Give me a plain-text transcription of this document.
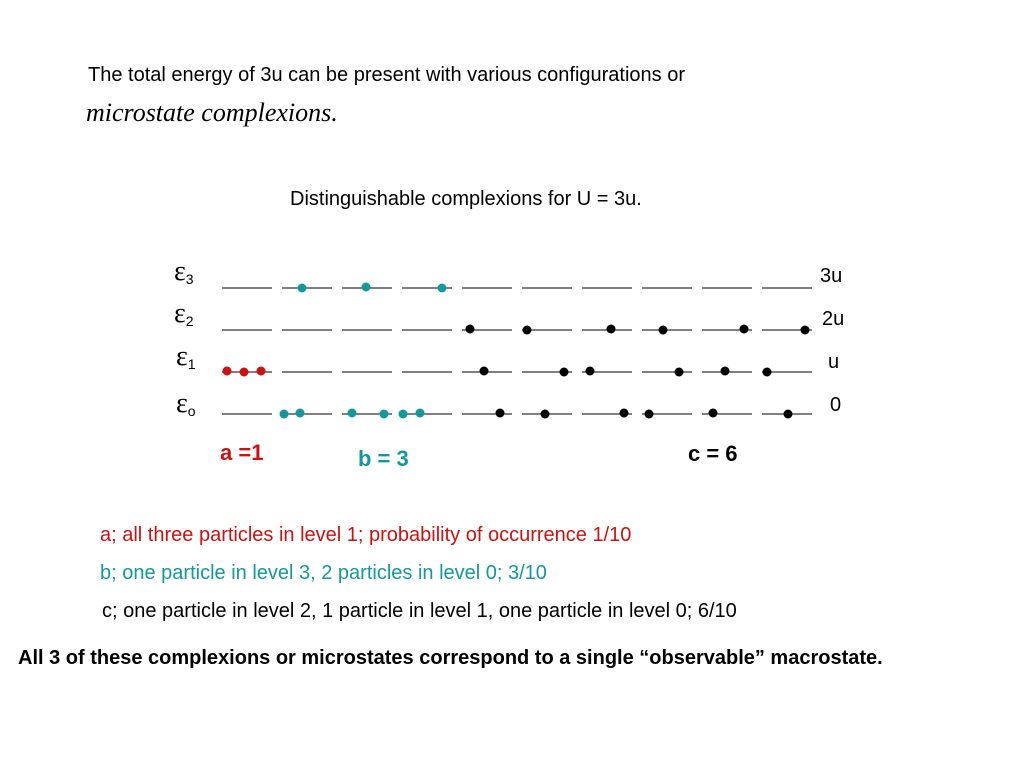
The total energy of 3u can be present with various configurations or
microstate complexions.
Distinguishable complexions for U = 3u.
$\varepsilon_3$
$\varepsilon_2$
$\varepsilon_1$
$\varepsilon_o$
3u
2u
u
0
a =1	b = 3	c = 6
a; all three particles in level 1; probability of occurrence 1/10
b; one particle in level 3, 2 particles in level 0; 3/10
c; one particle in level 2, 1 particle in level 1, one particle in level 0; 6/10
All 3 of these complexions or microstates correspond to a single “observable” macrostate.
